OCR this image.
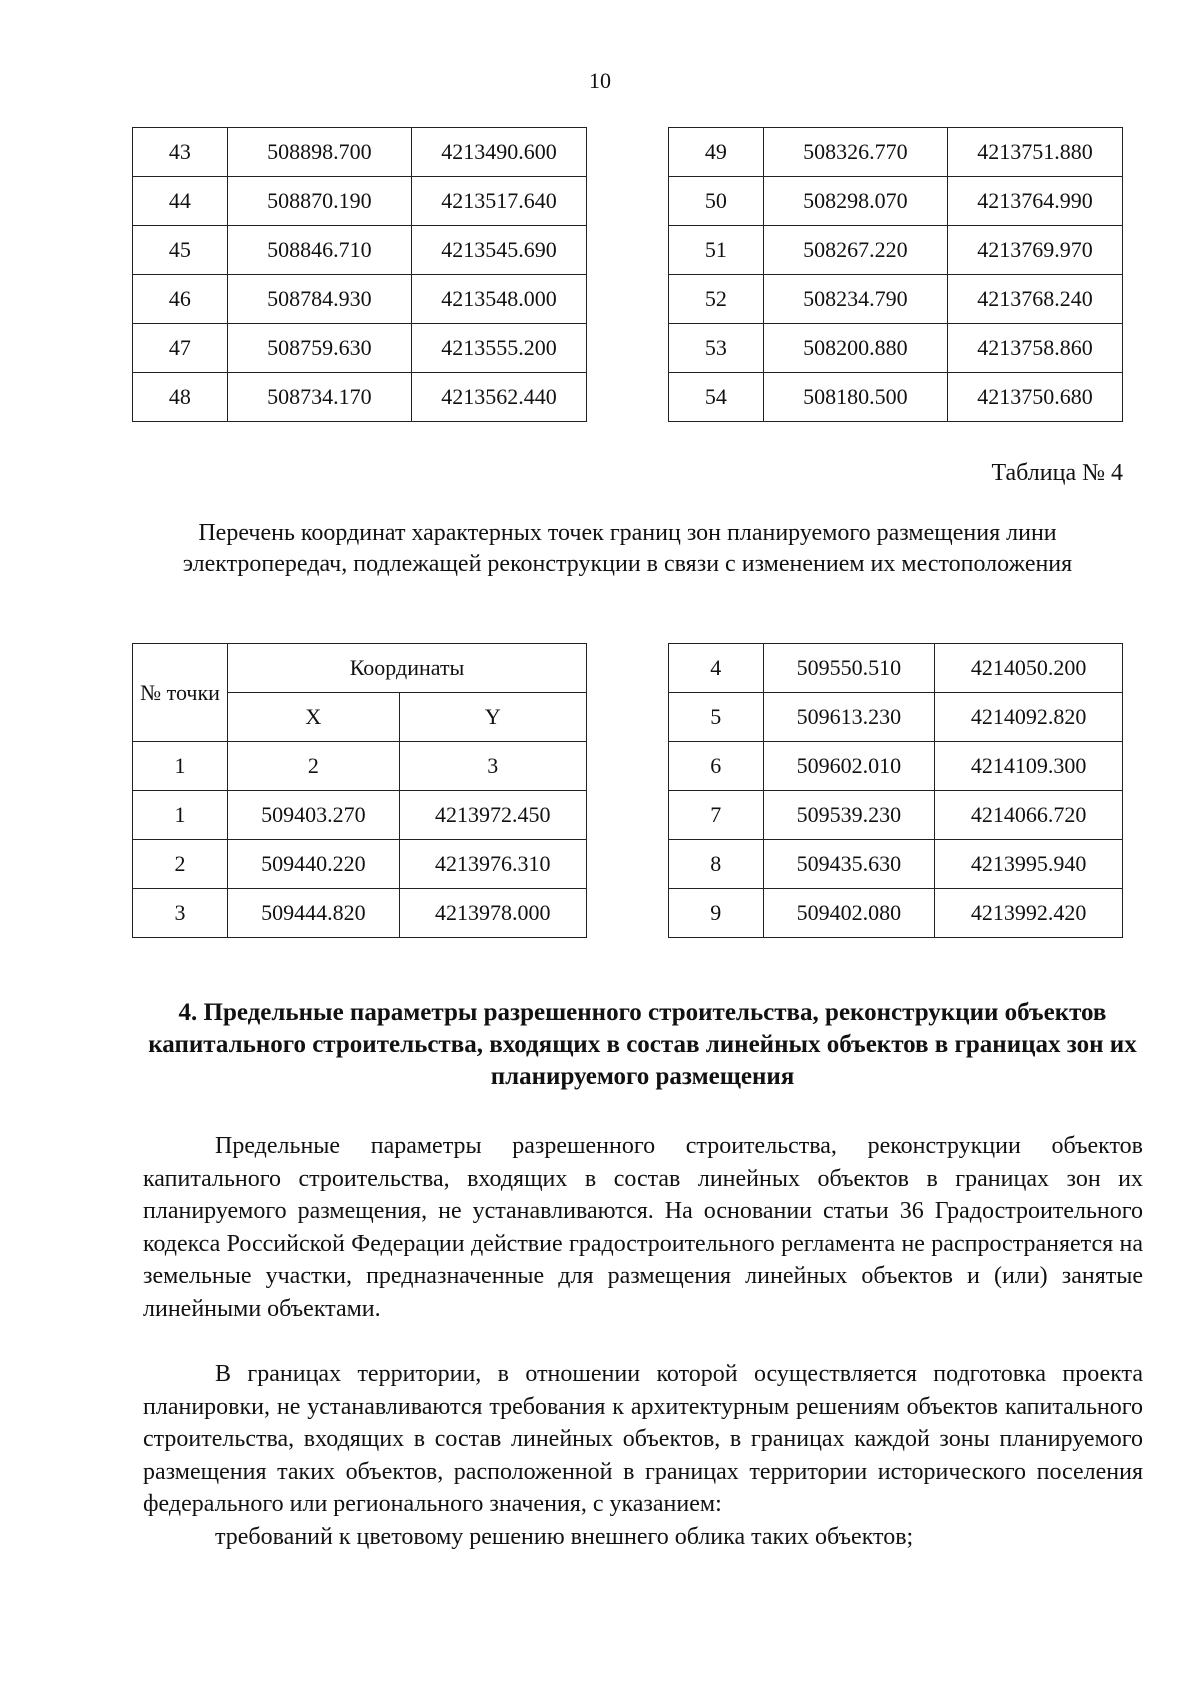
10
43	508898.700	4213490.600
44	508870.190	4213517.640
45	508846.710	4213545.690
46	508784.930	4213548.000
47	508759.630	4213555.200
48	508734.170	4213562.440
49	508326.770	4213751.880
50	508298.070	4213764.990
51	508267.220	4213769.970
52	508234.790	4213768.240
53	508200.880	4213758.860
54	508180.500	4213750.680
Таблица № 4
Перечень координат характерных точек границ зон планируемого размещения лини электропередач, подлежащей реконструкции в связи с изменением их местоположения
№ точки	Координаты	
	X	Y
1	2	3
1	509403.270	4213972.450
2	509440.220	4213976.310
3	509444.820	4213978.000
4	509550.510	4214050.200
5	509613.230	4214092.820
6	509602.010	4214109.300
7	509539.230	4214066.720
8	509435.630	4213995.940
9	509402.080	4213992.420
4. Предельные параметры разрешенного строительства, реконструкции объектов капитального строительства, входящих в состав линейных объектов в границах зон их планируемого размещения

Предельные параметры разрешенного строительства, реконструкции объектов капитального строительства, входящих в состав линейных объектов в границах зон их планируемого размещения, не устанавливаются. На основании статьи 36 Градостроительного кодекса Российской Федерации действие градостроительного регламента не распространяется на земельные участки, предназначенные для размещения линейных объектов и (или) занятые линейными объектами.

В границах территории, в отношении которой осуществляется подготовка проекта планировки, не устанавливаются требования к архитектурным решениям объектов капитального строительства, входящих в состав линейных объектов, в границах каждой зоны планируемого размещения таких объектов, расположенной в границах территории исторического поселения федерального или регионального значения, с указанием:

требований к цветовому решению внешнего облика таких объектов;
